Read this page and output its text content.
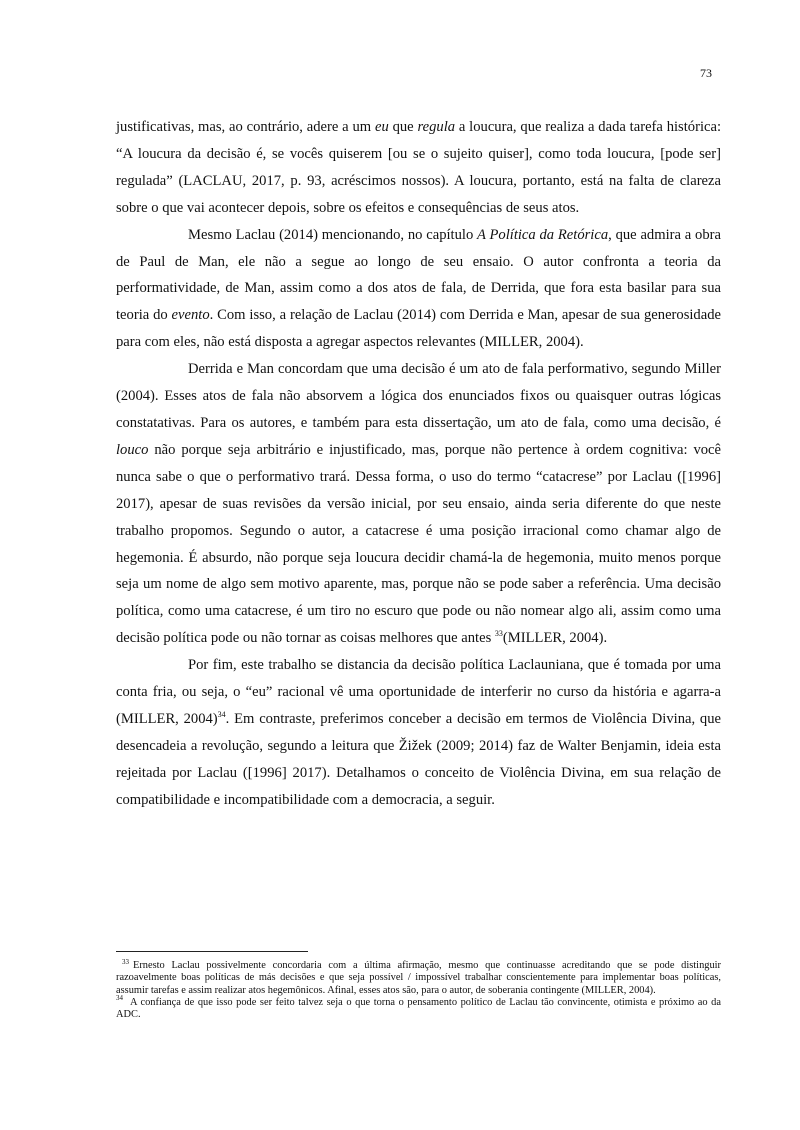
73

justificativas, mas, ao contrário, adere a um eu que regula a loucura, que realiza a dada tarefa histórica: “A loucura da decisão é, se vocês quiserem [ou se o sujeito quiser], como toda loucura, [pode ser] regulada” (LACLAU, 2017, p. 93, acréscimos nossos). A loucura, portanto, está na falta de clareza sobre o que vai acontecer depois, sobre os efeitos e consequências de seus atos.

Mesmo Laclau (2014) mencionando, no capítulo A Política da Retórica, que admira a obra de Paul de Man, ele não a segue ao longo de seu ensaio. O autor confronta a teoria da performatividade, de Man, assim como a dos atos de fala, de Derrida, que fora esta basilar para sua teoria do evento. Com isso, a relação de Laclau (2014) com Derrida e Man, apesar de sua generosidade para com eles, não está disposta a agregar aspectos relevantes (MILLER, 2004).

Derrida e Man concordam que uma decisão é um ato de fala performativo, segundo Miller (2004). Esses atos de fala não absorvem a lógica dos enunciados fixos ou quaisquer outras lógicas constatativas. Para os autores, e também para esta dissertação, um ato de fala, como uma decisão, é louco não porque seja arbitrário e injustificado, mas, porque não pertence à ordem cognitiva: você nunca sabe o que o performativo trará. Dessa forma, o uso do termo “catacrese” por Laclau ([1996] 2017), apesar de suas revisões da versão inicial, por seu ensaio, ainda seria diferente do que neste trabalho propomos. Segundo o autor, a catacrese é uma posição irracional como chamar algo de hegemonia. É absurdo, não porque seja loucura decidir chamá-la de hegemonia, muito menos porque seja um nome de algo sem motivo aparente, mas, porque não se pode saber a referência. Uma decisão política, como uma catacrese, é um tiro no escuro que pode ou não nomear algo ali, assim como uma decisão política pode ou não tornar as coisas melhores que antes $^{33}$(MILLER, 2004).

Por fim, este trabalho se distancia da decisão política Laclauniana, que é tomada por uma conta fria, ou seja, o “eu” racional vê uma oportunidade de interferir no curso da história e agarra-a (MILLER, 2004)$^{34}$. Em contraste, preferimos conceber a decisão em termos de Violência Divina, que desencadeia a revolução, segundo a leitura que Žižek (2009; 2014) faz de Walter Benjamin, ideia esta rejeitada por Laclau ([1996] 2017). Detalhamos o conceito de Violência Divina, em sua relação de compatibilidade e incompatibilidade com a democracia, a seguir.

$^{33}$ Ernesto Laclau possivelmente concordaria com a última afirmação, mesmo que continuasse acreditando que se pode distinguir razoavelmente boas políticas de más decisões e que seja possível / impossível trabalhar conscientemente para implementar boas políticas, assumir tarefas e assim realizar atos hegemônicos. Afinal, esses atos são, para o autor, de soberania contingente (MILLER, 2004).

$^{34}$ A confiança de que isso pode ser feito talvez seja o que torna o pensamento político de Laclau tão convincente, otimista e próximo ao da ADC.
